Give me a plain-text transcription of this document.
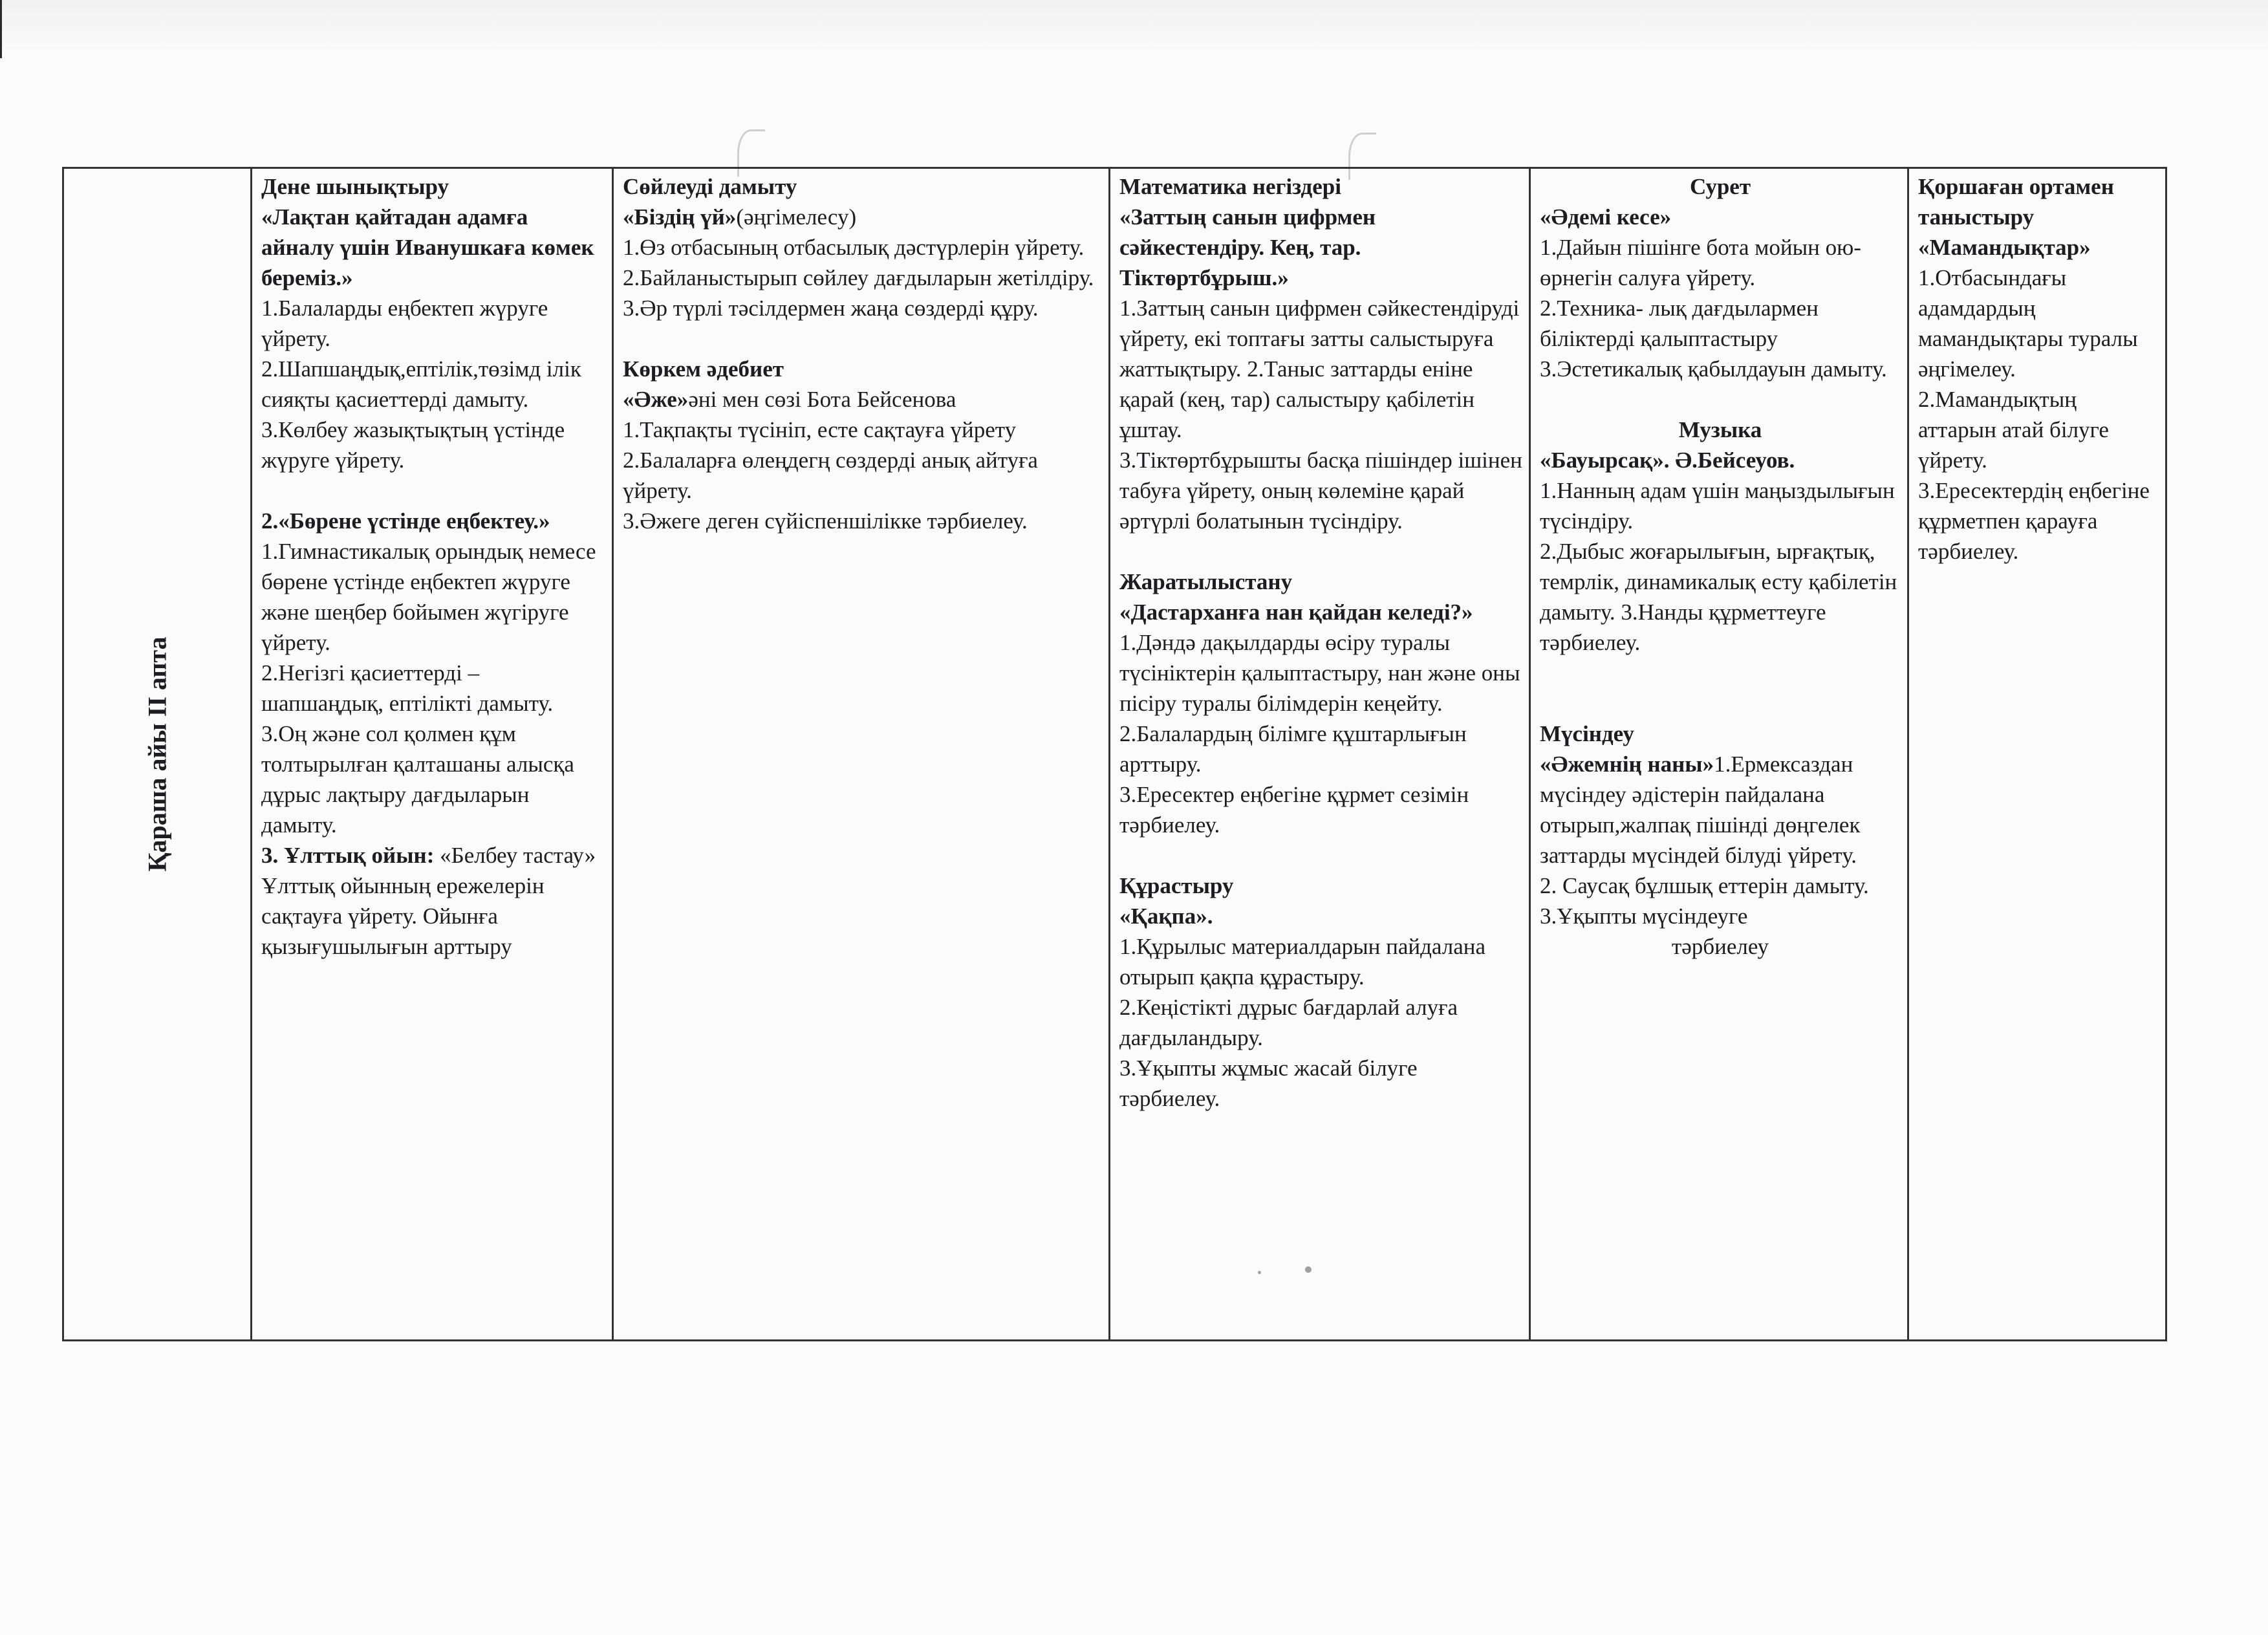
Қараша айы ІІ апта

Дене шынықтыру
«Лақтан қайтадан адамға айналу үшін Иванушкаға көмек береміз.»
1.Балаларды еңбектеп жүруге үйрету.
2.Шапшаңдық,ептілік,төзімд ілік сияқты қасиеттерді дамыту.
3.Көлбеу жазықтықтың үстінде жүруге үйрету.
2.«Бөрене үстінде еңбектеу.»
1.Гимнастикалық орындық немесе бөрене үстінде еңбектеп жүруге және шеңбер бойымен жүгіруге үйрету.
2.Негізгі қасиеттерді – шапшаңдық, ептілікті дамыту.
3.Оң және сол қолмен құм толтырылған қалташаны алысқа дұрыс лақтыру дағдыларын дамыту.
3. Ұлттық ойын: «Белбеу тастау» Ұлттық ойынның ережелерін сақтауға үйрету. Ойынға қызығушылығын арттыру

Сөйлеуді дамыту
«Біздің үй»(әңгімелесу)
1.Өз отбасының отбасылық дәстүрлерін үйрету. 2.Байланыстырып сөйлеу дағдыларын жетілдіру. 3.Әр түрлі тәсілдермен жаңа сөздерді құру.
Көркем әдебиет
«Әже»әні мен сөзі Бота Бейсенова
1.Тақпақты түсініп, есте сақтауға үйрету
2.Балаларға өлеңдегң сөздерді анық айтуға үйрету.
3.Әжеге деген сүйіспеншілікке тәрбиелеу.

Математика негіздері
«Заттың санын цифрмен сәйкестендіру. Кең, тар. Тіктөртбұрыш.»
1.Заттың санын цифрмен сәйкестендіруді үйрету, екі топтағы затты салыстыруға жаттықтыру. 2.Таныс заттарды еніне қарай (кең, тар) салыстыру қабілетін ұштау.
3.Тіктөртбұрышты басқа пішіндер ішінен табуға үйрету, оның көлеміне қарай әртүрлі болатынын түсіндіру.
Жаратылыстану
«Дастарханға нан қайдан келеді?»
1.Дәндә дақылдарды өсіру туралы түсініктерін қалыптастыру, нан және оны пісіру туралы білімдерін кеңейту.
2.Балалардың білімге құштарлығын арттыру.
3.Ересектер еңбегіне құрмет сезімін тәрбиелеу.
Құрастыру
«Қақпа».
1.Құрылыс материалдарын пайдалана отырып қақпа құрастыру.
2.Кеңістікті дұрыс бағдарлай алуға дағдыландыру.
3.Ұқыпты жұмыс жасай білуге тәрбиелеу.

Сурет
«Әдемі кесе»
1.Дайын пішінге бота мойын ою-өрнегін салуға үйрету.
2.Техника- лық дағдылармен біліктерді қалыптастыру
3.Эстетикалық қабылдауын дамыту.
Музыка
«Бауырсақ». Ә.Бейсеуов.
1.Нанның адам үшін маңыздылығын түсіндіру.
2.Дыбыс жоғарылығын, ырғақтық, темрлік, динамикалық есту қабілетін дамыту. 3.Нанды құрметтеуге тәрбиелеу.
Мүсіндеу
«Әжемнің наны»1.Ермексаздан мүсіндеу әдістерін пайдалана отырып,жалпақ пішінді дөңгелек заттарды мүсіндей білуді үйрету.
2. Саусақ бұлшық еттерін дамыту. 3.Ұқыпты мүсіндеуге
тәрбиелеу

Қоршаған ортамен таныстыру
«Мамандықтар»
1.Отбасындағы адамдардың мамандықтары туралы әңгімелеу.
2.Мамандықтың аттарын атай білуге үйрету.
3.Ересектердің еңбегіне құрметпен қарауға тәрбиелеу.
